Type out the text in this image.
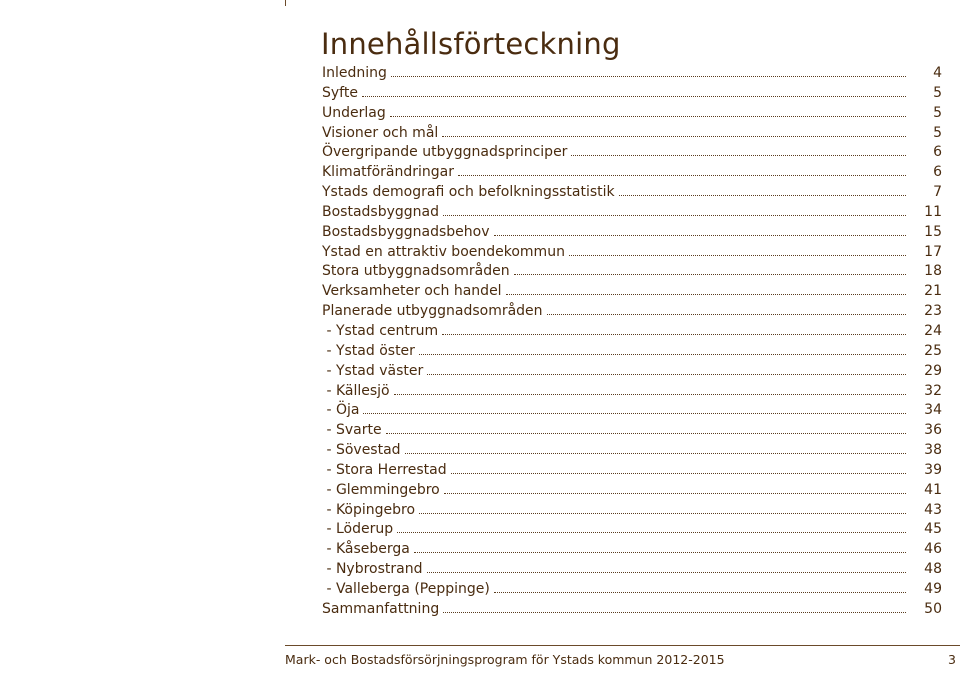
Innehållsförteckning
Inledning	4
Syfte	5
Underlag	5
Visioner och mål	5
Övergripande utbyggnadsprinciper	6
Klimatförändringar	6
Ystads demografi och befolkningsstatistik	7
Bostadsbyggnad	11
Bostadsbyggnadsbehov	15
Ystad en attraktiv boendekommun	17
Stora utbyggnadsområden	18
Verksamheter och handel	21
Planerade utbyggnadsområden	23
- Ystad centrum	24
- Ystad öster	25
- Ystad väster	29
- Källesjö	32
- Öja	34
- Svarte	36
- Sövestad	38
- Stora Herrestad	39
- Glemmingebro	41
- Köpingebro	43
- Löderup	45
- Kåseberga	46
- Nybrostrand	48
- Valleberga (Peppinge)	49
Sammanfattning	50
Mark- och Bostadsförsörjningsprogram för Ystads kommun 2012-2015	3
